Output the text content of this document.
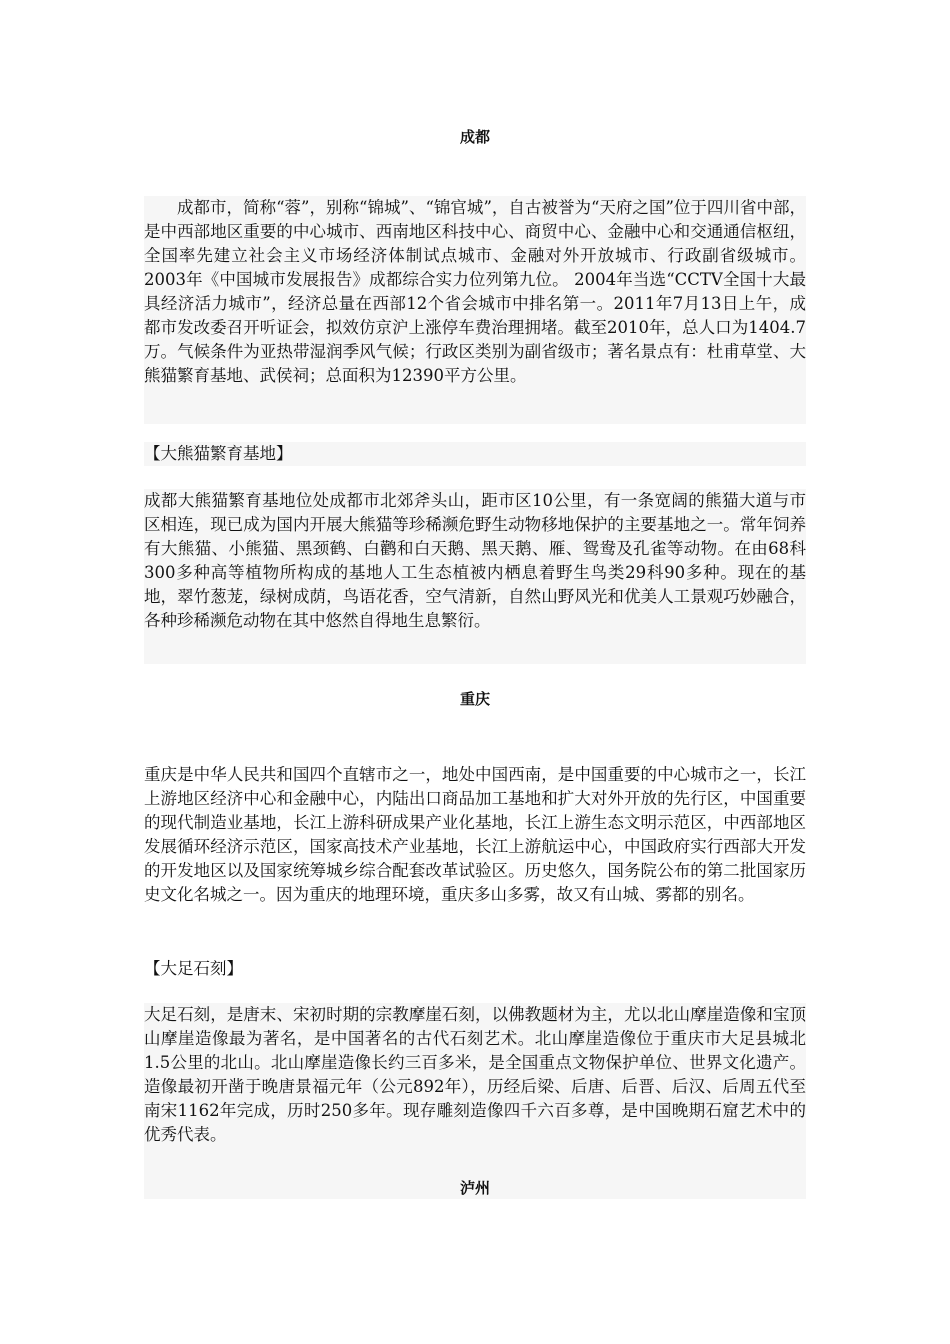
成都
成都市，简称“蓉”，别称“锦城”、“锦官城”，自古被誉为“天府之国”位于四川省中部，是中西部地区重要的中心城市、西南地区科技中心、商贸中心、金融中心和交通通信枢纽，全国率先建立社会主义市场经济体制试点城市、金融对外开放城市、行政副省级城市。2003年《中国城市发展报告》成都综合实力位列第九位。 2004年当选“CCTV全国十大最具经济活力城市”，经济总量在西部12个省会城市中排名第一。2011年7月13日上午，成都市发改委召开听证会，拟效仿京沪上涨停车费治理拥堵。截至2010年，总人口为1404.7万。气候条件为亚热带湿润季风气候；行政区类别为副省级市；著名景点有：杜甫草堂、大熊猫繁育基地、武侯祠；总面积为12390平方公里。
【大熊猫繁育基地】
成都大熊猫繁育基地位处成都市北郊斧头山，距市区10公里，有一条宽阔的熊猫大道与市区相连，现已成为国内开展大熊猫等珍稀濒危野生动物移地保护的主要基地之一。常年饲养有大熊猫、小熊猫、黑颈鹤、白鹳和白天鹅、黑天鹅、雁、鸳鸯及孔雀等动物。在由68科300多种高等植物所构成的基地人工生态植被内栖息着野生鸟类29科90多种。现在的基地，翠竹葱茏，绿树成荫，鸟语花香，空气清新，自然山野风光和优美人工景观巧妙融合，各种珍稀濒危动物在其中悠然自得地生息繁衍。
重庆
重庆是中华人民共和国四个直辖市之一，地处中国西南，是中国重要的中心城市之一，长江上游地区经济中心和金融中心，内陆出口商品加工基地和扩大对外开放的先行区，中国重要的现代制造业基地，长江上游科研成果产业化基地，长江上游生态文明示范区，中西部地区发展循环经济示范区，国家高技术产业基地，长江上游航运中心，中国政府实行西部大开发的开发地区以及国家统筹城乡综合配套改革试验区。历史悠久，国务院公布的第二批国家历史文化名城之一。因为重庆的地理环境，重庆多山多雾，故又有山城、雾都的别名。
【大足石刻】
大足石刻，是唐末、宋初时期的宗教摩崖石刻，以佛教题材为主，尤以北山摩崖造像和宝顶山摩崖造像最为著名，是中国著名的古代石刻艺术。北山摩崖造像位于重庆市大足县城北1.5公里的北山。北山摩崖造像长约三百多米，是全国重点文物保护单位、世界文化遗产。造像最初开凿于晚唐景福元年（公元892年），历经后梁、后唐、后晋、后汉、后周五代至南宋1162年完成，历时250多年。现存雕刻造像四千六百多尊，是中国晚期石窟艺术中的优秀代表。
泸州
